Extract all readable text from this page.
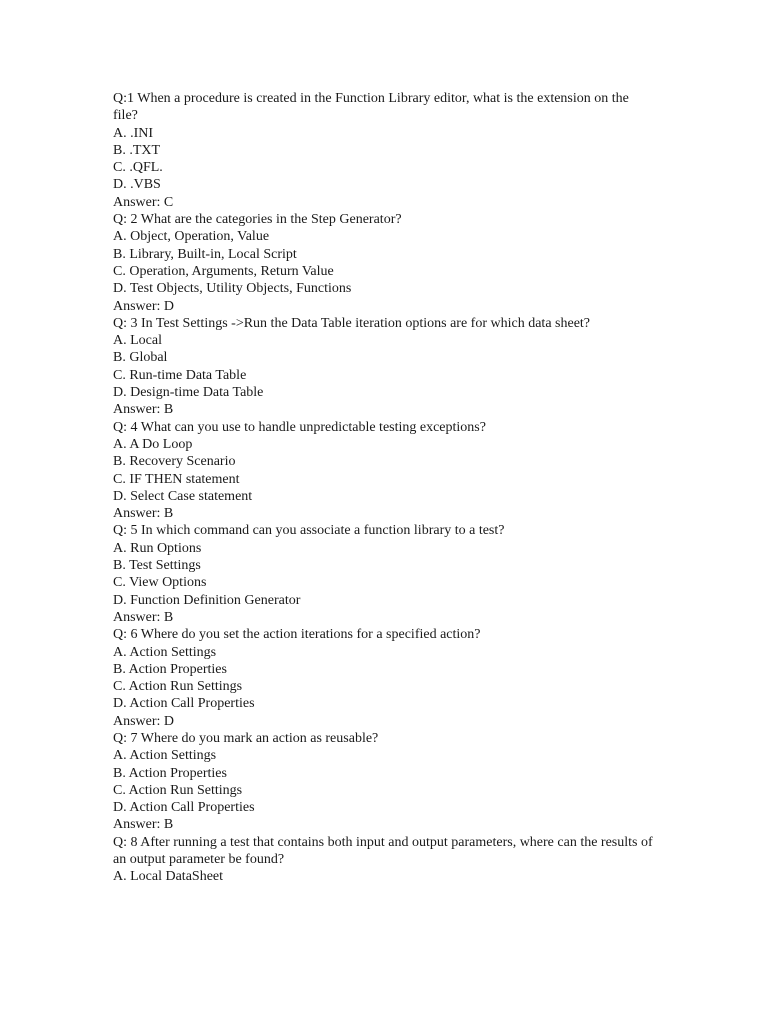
Q:1 When a procedure is created in the Function Library editor, what is the extension on the file?
A. .INI
B. .TXT
C. .QFL.
D. .VBS
Answer: C
Q: 2 What are the categories in the Step Generator?
A. Object, Operation, Value
B. Library, Built-in, Local Script
C. Operation, Arguments, Return Value
D. Test Objects, Utility Objects, Functions
Answer: D
Q: 3 In Test Settings ->Run the Data Table iteration options are for which data sheet?
A. Local
B. Global
C. Run-time Data Table
D. Design-time Data Table
Answer: B
Q: 4 What can you use to handle unpredictable testing exceptions?
A. A Do Loop
B. Recovery Scenario
C. IF THEN statement
D. Select Case statement
Answer: B
Q: 5 In which command can you associate a function library to a test?
A. Run Options
B. Test Settings
C. View Options
D. Function Definition Generator
Answer: B
Q: 6 Where do you set the action iterations for a specified action?
A. Action Settings
B. Action Properties
C. Action Run Settings
D. Action Call Properties
Answer: D
Q: 7 Where do you mark an action as reusable?
A. Action Settings
B. Action Properties
C. Action Run Settings
D. Action Call Properties
Answer: B
Q: 8 After running a test that contains both input and output parameters, where can the results of an output parameter be found?
A. Local DataSheet
